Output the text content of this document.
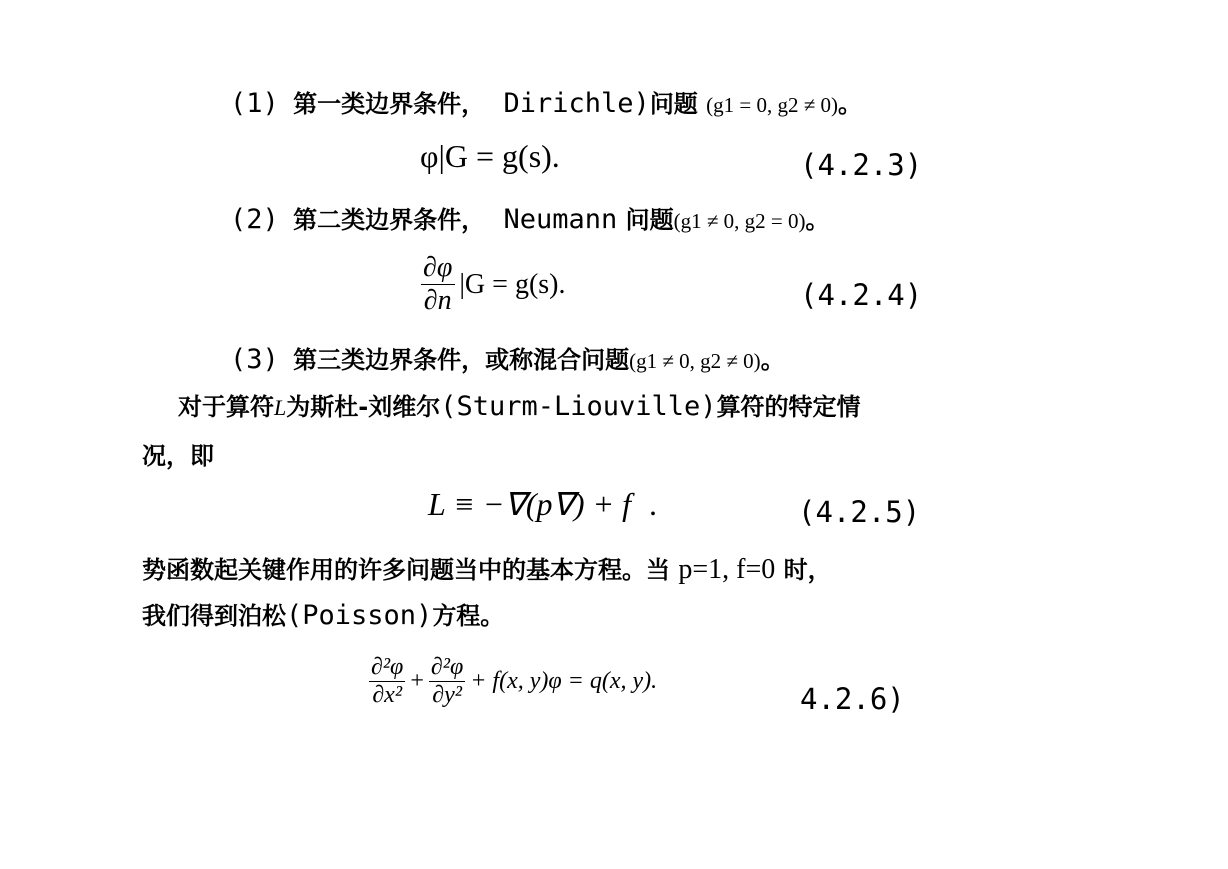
(1) 第一类边界条件， Dirichle)问题 (g1 = 0, g2 ≠ 0)。
φ|G = g(s).	(4.2.3)
(2) 第二类边界条件， Neumann 问题(g1 ≠ 0, g2 = 0)。
$\frac{\partial\varphi}{\partial n} |G = g(s)$.	(4.2.4)
(3) 第三类边界条件，或称混合问题(g1 ≠ 0, g2 ≠ 0)。
对于算符L为斯杜-刘维尔(Sturm-Liouville)算符的特定情
况，即
L ≡ −∇(p∇) + f .	(4.2.5)
势函数起关键作用的许多问题当中的基本方程。当 p=1, f=0 时，
我们得到泊松(Poisson)方程。
$\frac{\text{∂²φ}}{\text{∂x²}} + \frac{\text{∂²φ}}{\text{∂y²}} + f(x$, y)φ = q(x, y).
4.2.6)
